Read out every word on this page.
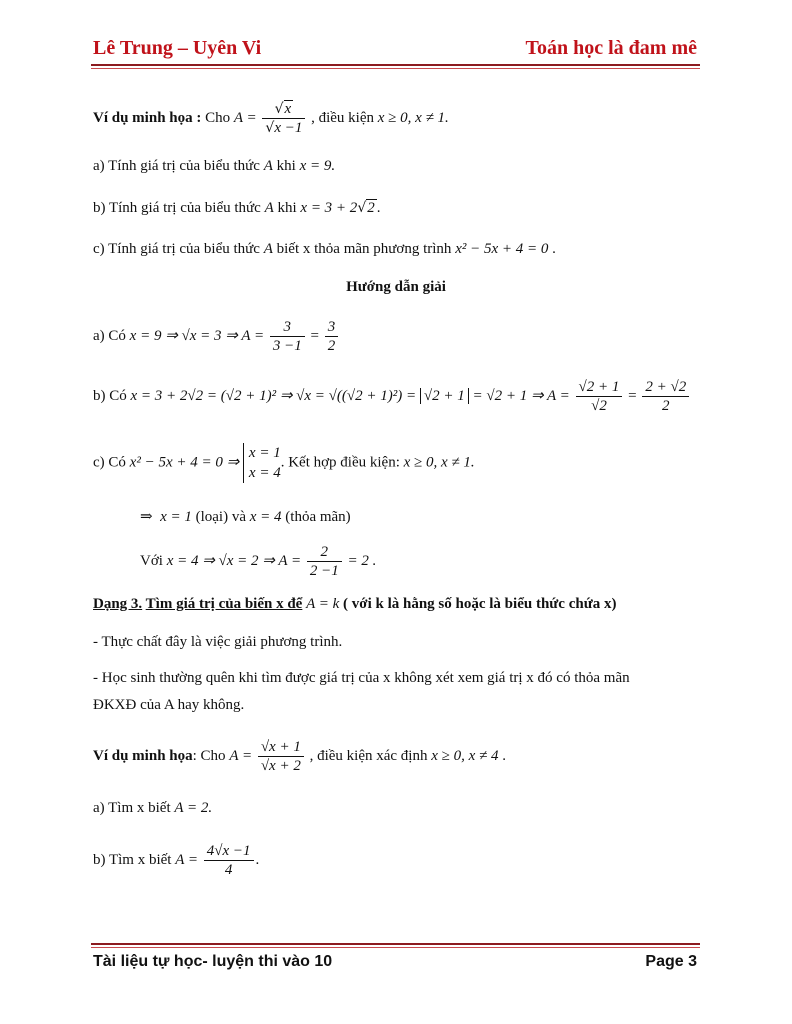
Lê Trung – Uyên Vi	Toán học là đam mê
Ví dụ minh họa : Cho $A = \frac{√x}{√x -1}$ , điều kiện x ≥ 0, x ≠ 1.
a) Tính giá trị của biểu thức A khi x = 9.
b) Tính giá trị của biểu thức A khi x = 3 + 2√2 .
c) Tính giá trị của biểu thức A biết x thỏa mãn phương trình x² − 5x + 4 = 0 .
Hướng dẫn giải
a) Có x = 9 ⇒ √x = 3 ⇒ $A = \frac{3}{3 -1} = \frac{3}{2}$
b) Có x = 3 + 2√2 = (√2 + 1)² ⇒ √x = √((√2 + 1)²) = √2 + 1 = √2 + 1 ⇒ $A = \frac{√2 + 1}{√2} = \frac{2 + √2}{2}$
c) Có x² − 5x + 4 = 0 ⇒
x = 1
x = 4
. Kết hợp điều kiện: x ≥ 0, x ≠ 1.
⇒ x = 1 (loại) và x = 4 (thỏa mãn)
Với x = 4 ⇒ √x = 2 ⇒ $A = \frac{2}{2 -1} = 2$ .
Dạng 3. Tìm giá trị của biến x để A = k ( với k là hằng số hoặc là biểu thức chứa x)
- Thực chất đây là việc giải phương trình.
- Học sinh thường quên khi tìm được giá trị của x không xét xem giá trị x đó có thỏa mãn
ĐKXĐ của A hay không.
Ví dụ minh họa: Cho $A = \frac{√x + 1}{√x + 2}$ , điều kiện xác định x ≥ 0, x ≠ 4 .
a) Tìm x biết A = 2.
b) Tìm x biết $A = \frac{4√x -1}{4}$ .
Tài liệu tự học- luyện thi vào 10	Page 3
